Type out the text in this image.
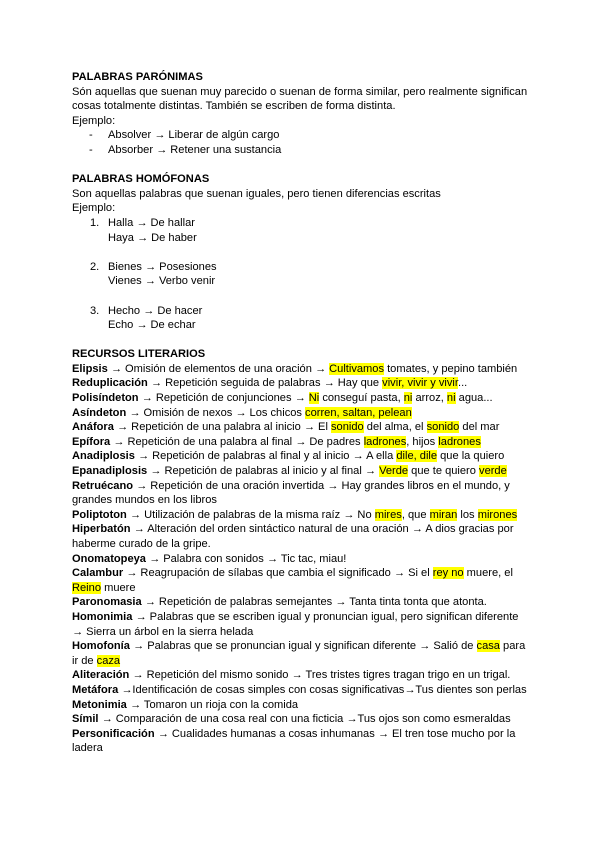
PALABRAS PARÓNIMAS

Són aquellas que suenan muy parecido o suenan de forma similar, pero realmente significan cosas totalmente distintas. También se escriben de forma distinta.

Ejemplo:

- Absolver → Liberar de algún cargo
- Absorber → Retener una sustancia
PALABRAS HOMÓFONAS

Son aquellas palabras que suenan iguales, pero tienen diferencias escritas

Ejemplo:

1. Halla → De hallar
Haya → De haber
2. Bienes → Posesiones
Vienes → Verbo venir
3. Hecho → De hacer
Echo → De echar
RECURSOS LITERARIOS

Elipsis → Omisión de elementos de una oración → Cultivamos tomates, y pepino también

Reduplicación → Repetición seguida de palabras → Hay que vivir, vivir y vivir...

Polisíndeton → Repetición de conjunciones → Ni conseguí pasta, ni arroz, ni agua...

Asíndeton → Omisión de nexos → Los chicos corren, saltan, pelean

Anáfora → Repetición de una palabra al inicio → El sonido del alma, el sonido del mar

Epífora → Repetición de una palabra al final → De padres ladrones, hijos ladrones

Anadiplosis → Repetición de palabras al final y al inicio → A ella dile, dile que la quiero

Epanadiplosis → Repetición de palabras al inicio y al final → Verde que te quiero verde

Retruécano → Repetición de una oración invertida → Hay grandes libros en el mundo, y grandes mundos en los libros

Poliptoton → Utilización de palabras de la misma raíz → No mires, que miran los mirones

Hiperbatón → Alteración del orden sintáctico natural de una oración → A dios gracias por haberme curado de la gripe.

Onomatopeya → Palabra con sonidos → Tic tac, miau!

Calambur → Reagrupación de sílabas que cambia el significado → Si el rey no muere, el Reino muere

Paronomasia → Repetición de palabras semejantes → Tanta tinta tonta que atonta.

Homonimia → Palabras que se escriben igual y pronuncian igual, pero significan diferente → Sierra un árbol en la sierra helada

Homofonía → Palabras que se pronuncian igual y significan diferente → Salió de casa para ir de caza

Aliteración → Repetición del mismo sonido → Tres tristes tigres tragan trigo en un trigal.

Metáfora →Identificación de cosas simples con cosas significativas→Tus dientes son perlas

Metonimia → Tomaron un rioja con la comida

Símil → Comparación de una cosa real con una ficticia →Tus ojos son como esmeraldas

Personificación → Cualidades humanas a cosas inhumanas → El tren tose mucho por la ladera
